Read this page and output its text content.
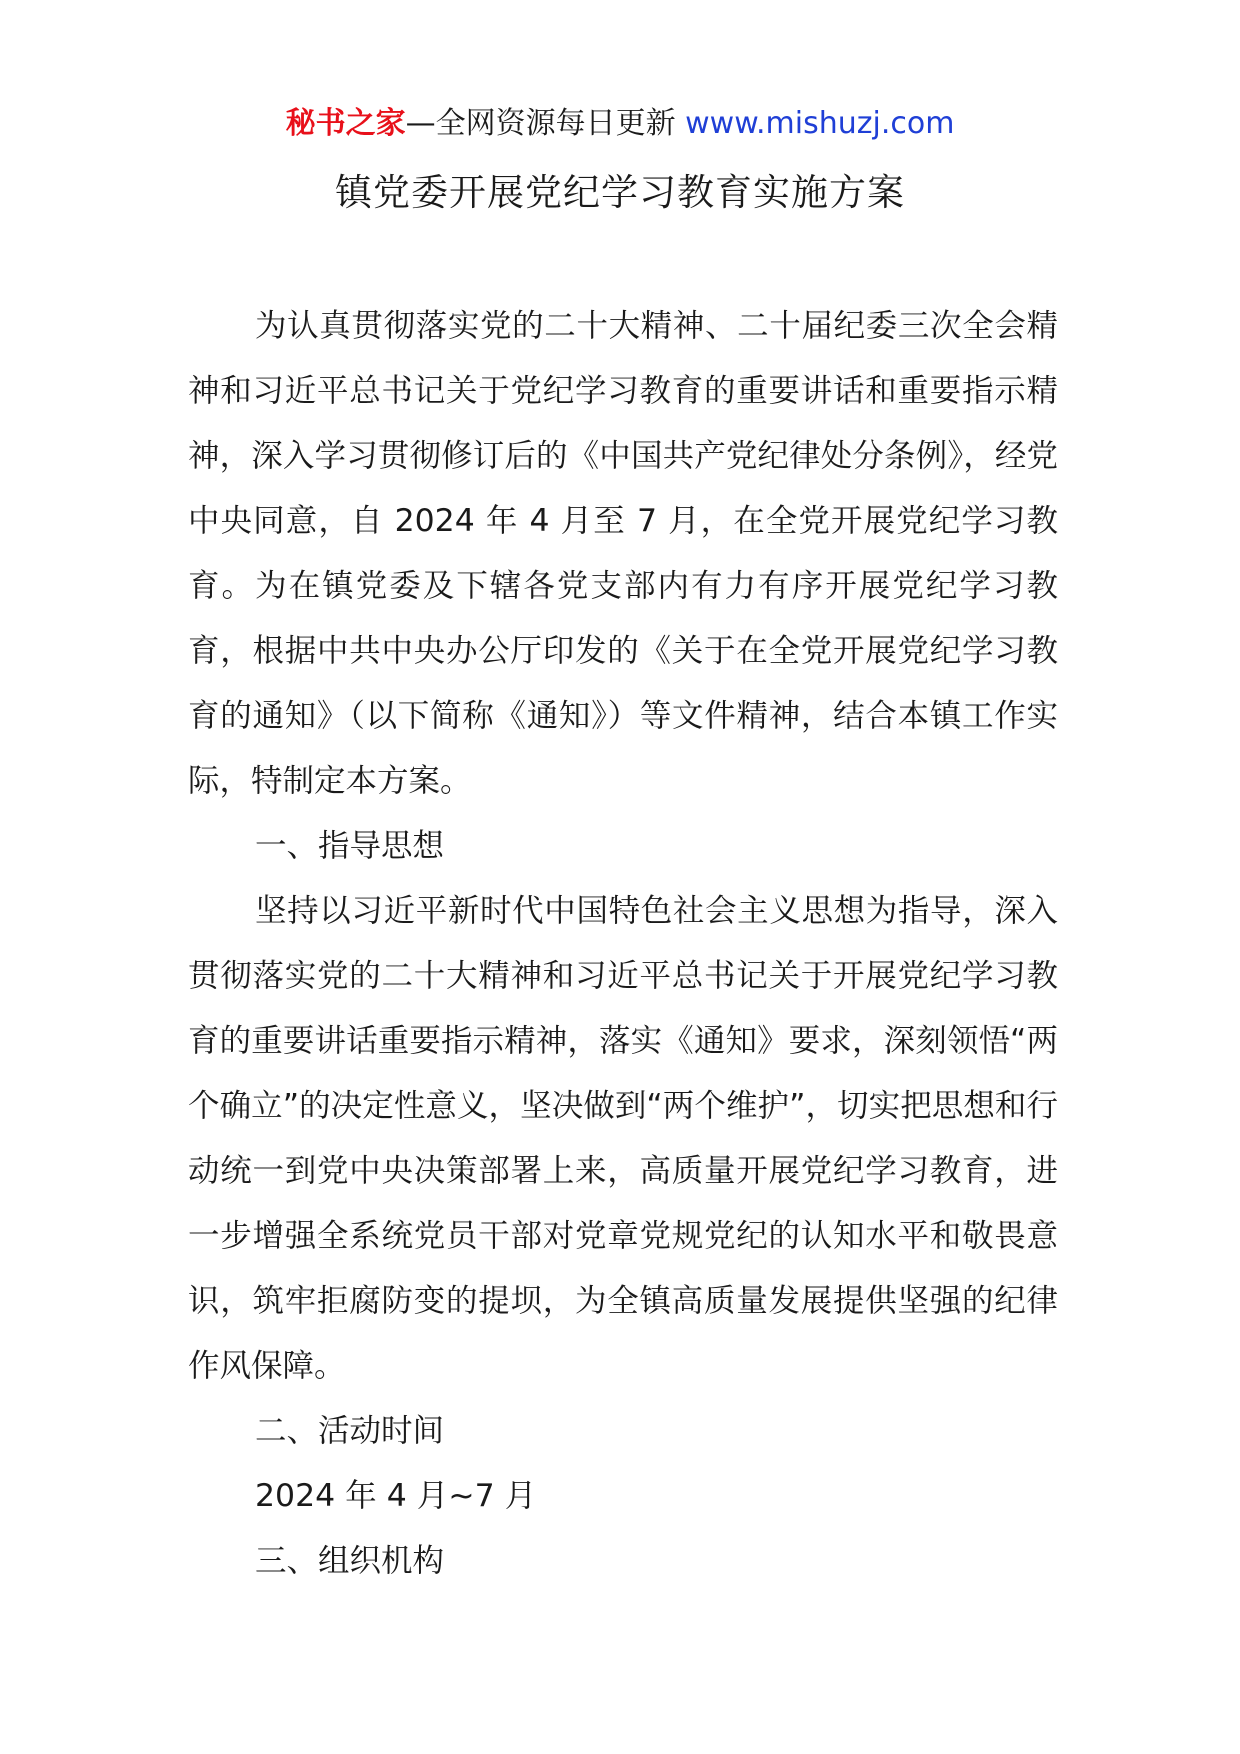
秘书之家—全网资源每日更新 www.mishuzj.com
镇党委开展党纪学习教育实施方案

为认真贯彻落实党的二十大精神、二十届纪委三次全会精神和习近平总书记关于党纪学习教育的重要讲话和重要指示精神，深入学习贯彻修订后的《中国共产党纪律处分条例》，经党中央同意，自 2024 年 4 月至 7 月，在全党开展党纪学习教育。为在镇党委及下辖各党支部内有力有序开展党纪学习教育，根据中共中央办公厅印发的《关于在全党开展党纪学习教育的通知》（以下简称《通知》）等文件精神，结合本镇工作实际，特制定本方案。

一、指导思想

坚持以习近平新时代中国特色社会主义思想为指导，深入贯彻落实党的二十大精神和习近平总书记关于开展党纪学习教育的重要讲话重要指示精神，落实《通知》要求，深刻领悟“两个确立”的决定性意义，坚决做到“两个维护”，切实把思想和行动统一到党中央决策部署上来，高质量开展党纪学习教育，进一步增强全系统党员干部对党章党规党纪的认知水平和敬畏意识，筑牢拒腐防变的提坝，为全镇高质量发展提供坚强的纪律作风保障。

二、活动时间

2024 年 4 月~7 月

三、组织机构
